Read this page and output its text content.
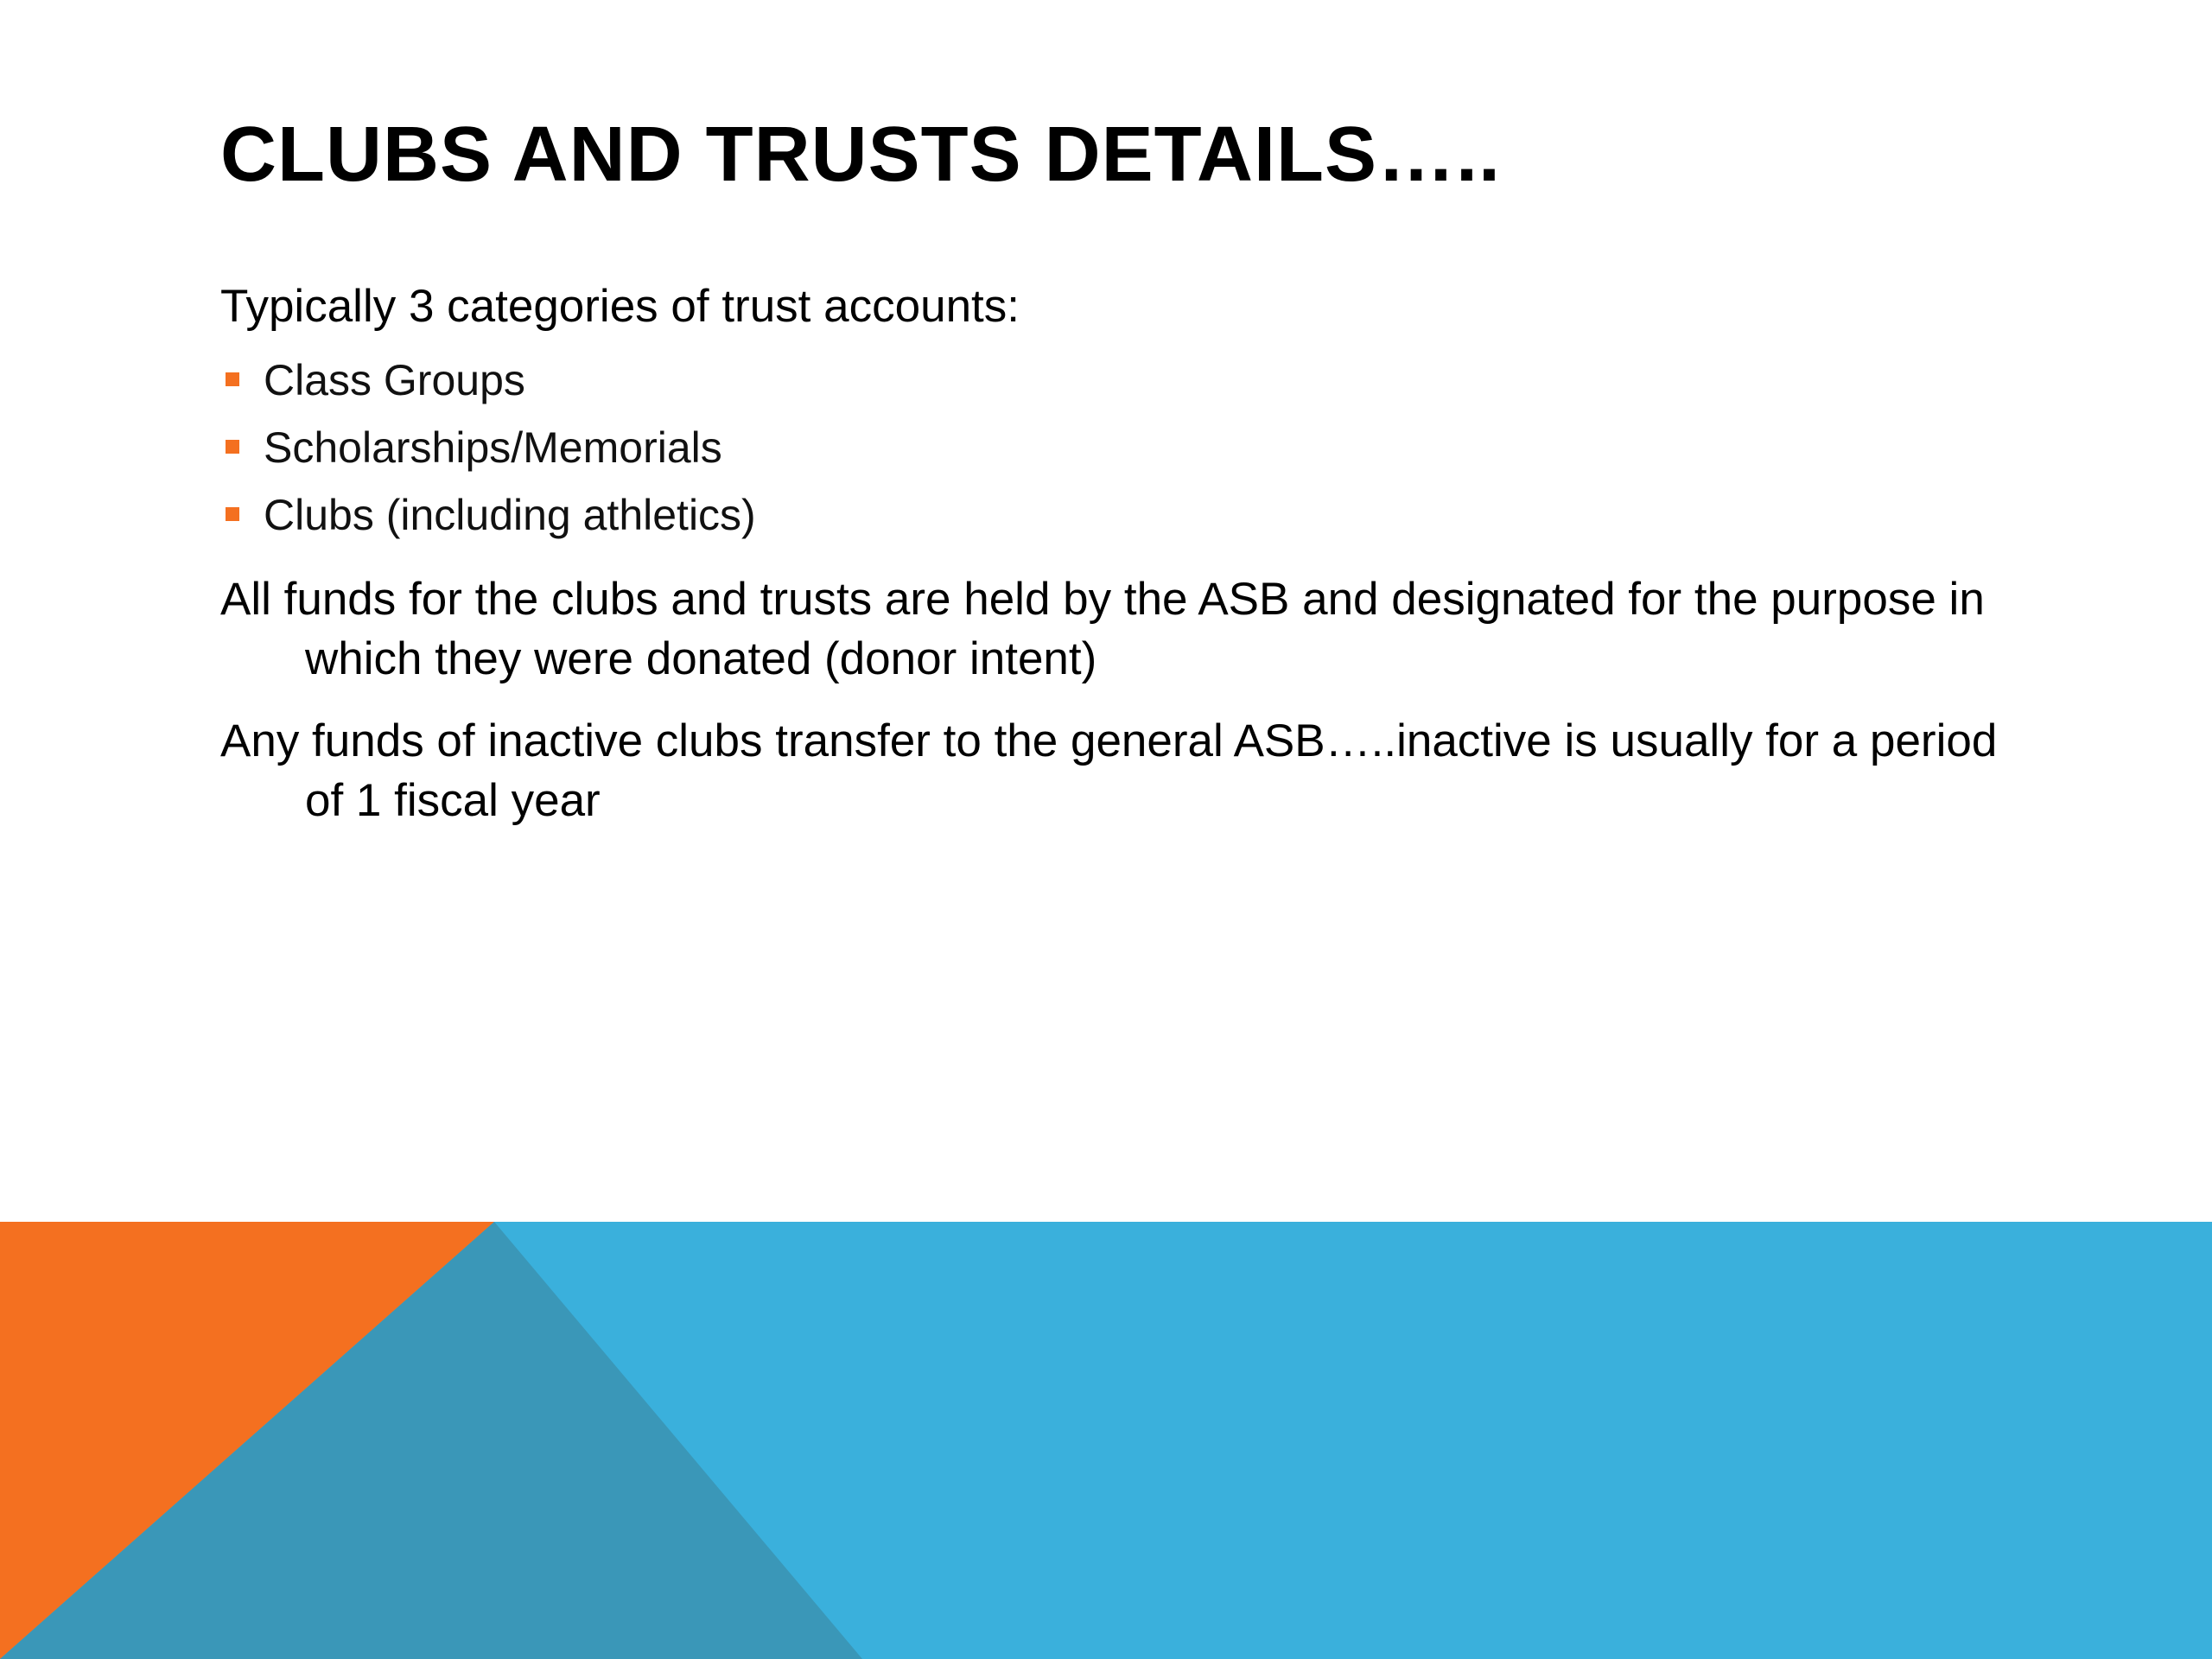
CLUBS AND TRUSTS DETAILS…..

Typically 3 categories of trust accounts:

Class Groups
Scholarships/Memorials
Clubs (including athletics)

All funds for the clubs and trusts are held by the ASB and designated for the purpose in which they were donated (donor intent)

Any funds of inactive clubs transfer to the general ASB…..inactive is usually for a period of 1 fiscal year
